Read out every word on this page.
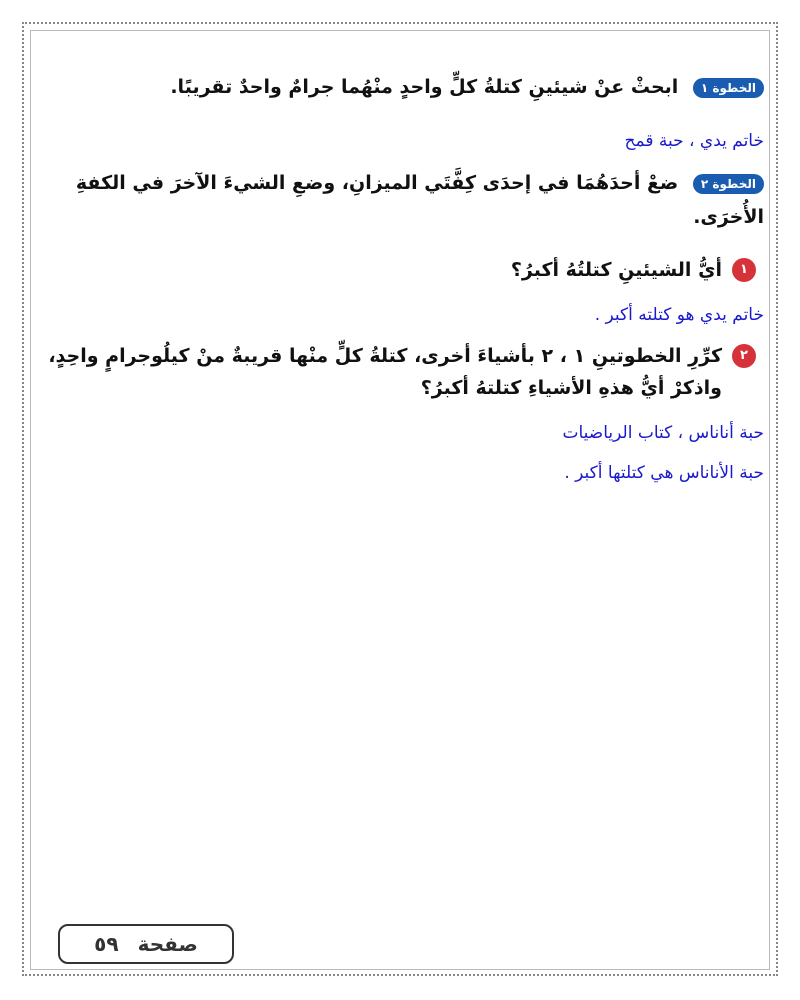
الخطوة ١ ابحثْ عنْ شيئينِ كتلةُ كلٍّ واحدٍ منْهُما جرامٌ واحدٌ تقريبًا.
خاتم يدي ، حبة قمح
الخطوة ٢ ضعْ أحدَهُمَا في إحدَى كِفَّتَي الميزانِ، وضعِ الشيءَ الآخرَ في الكفةِ الأُخرَى.
١
أيُّ الشيئينِ كتلتُهُ أكبرُ؟
خاتم يدي هو كتلته أكبر .
٢
كرِّرِ الخطوتينِ ١ ، ٢ بأشياءَ أخرى، كتلةُ كلٍّ منْها قريبةٌ منْ كيلُوجرامٍ واحِدٍ، واذكرْ أيُّ هذهِ الأشياءِ كتلتهُ أكبرُ؟
حبة أناناس ، كتاب الرياضيات
حبة الأناناس هي كتلتها أكبر .
صفحة ٥٩
